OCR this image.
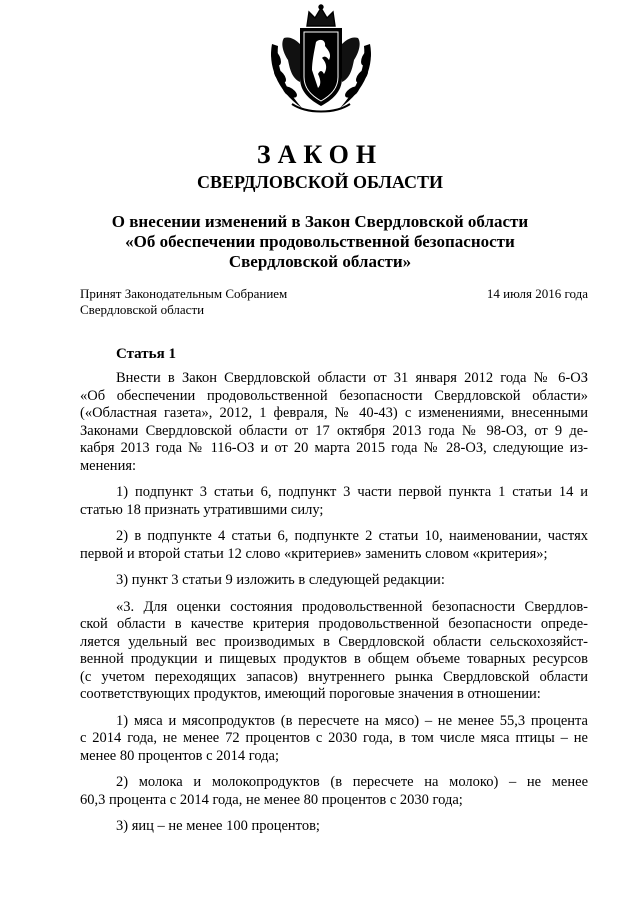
ЗАКОН
СВЕРДЛОВСКОЙ ОБЛАСТИ
О внесении изменений в Закон Свердловской области
«Об обеспечении продовольственной безопасности
Свердловской области»
Принят Законодательным Собранием
Свердловской области
14 июля 2016 года
Статья 1
Внести в Закон Свердловской области от 31 января 2012 года № 6-ОЗ
«Об обеспечении продовольственной безопасности Свердловской области»
(«Областная газета», 2012, 1 февраля, № 40-43) с изменениями, внесенными
Законами Свердловской области от 17 октября 2013 года № 98-ОЗ, от 9 де-
кабря 2013 года № 116-ОЗ и от 20 марта 2015 года № 28-ОЗ, следующие из-
менения:
1) подпункт 3 статьи 6, подпункт 3 части первой пункта 1 статьи 14 и
статью 18 признать утратившими силу;
2) в подпункте 4 статьи 6, подпункте 2 статьи 10, наименовании, частях
первой и второй статьи 12 слово «критериев» заменить словом «критерия»;
3) пункт 3 статьи 9 изложить в следующей редакции:
«3. Для оценки состояния продовольственной безопасности Свердлов-
ской области в качестве критерия продовольственной безопасности опреде-
ляется удельный вес производимых в Свердловской области сельскохозяйст-
венной продукции и пищевых продуктов в общем объеме товарных ресурсов
(с учетом переходящих запасов) внутреннего рынка Свердловской области
соответствующих продуктов, имеющий пороговые значения в отношении:
1) мяса и мясопродуктов (в пересчете на мясо) – не менее 55,3 процента
с 2014 года, не менее 72 процентов с 2030 года, в том числе мяса птицы – не
менее 80 процентов с 2014 года;
2) молока и молокопродуктов (в пересчете на молоко) – не менее
60,3 процента с 2014 года, не менее 80 процентов с 2030 года;
3) яиц – не менее 100 процентов;
